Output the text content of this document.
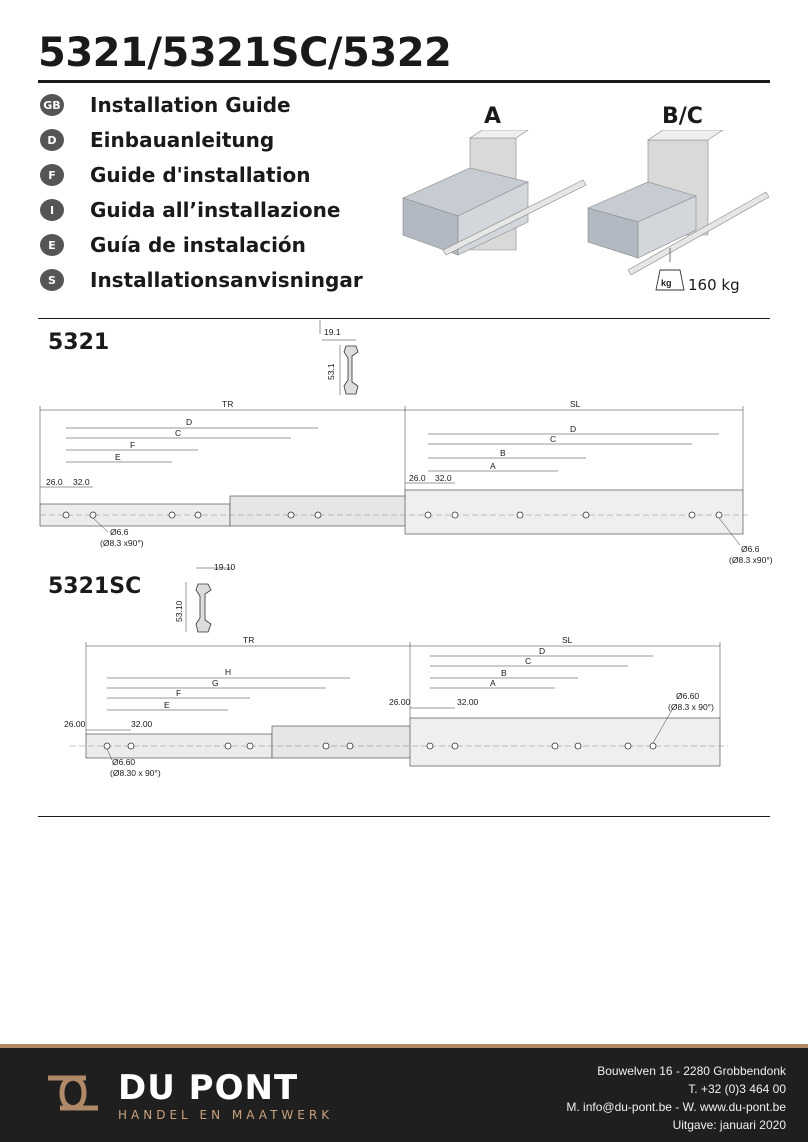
5321/5321SC/5322
GB Installation Guide
D	Einbauanleitung
F	Guide d'installation
I	Guida all’installazione
E	Guía de instalación
S	Installationsanvisningar
A	B/C
kg 160 kg
5321	19.1
53.1
TR	SL
D
C
F
E
26.0 32.0
D
C
B
A
26.0 32.0
Ø6.6
(Ø8.3 x90°)
Ø6.6
(Ø8.3 x90°)
5321SC
19.10
53.10
TR	SL
H
G
F
E
26.00	32.00
D
C
B
A
26.00	32.00
Ø6.60
(Ø8.30 x 90°)
Ø6.60
(Ø8.3 x 90°)
DU PONT
HANDEL EN MAATWERK
Bouwelven 16 - 2280 Grobbendonk
T. +32 (0)3 464 00
M. info@du-pont.be - W. www.du-pont.be
Uitgave: januari 2020
